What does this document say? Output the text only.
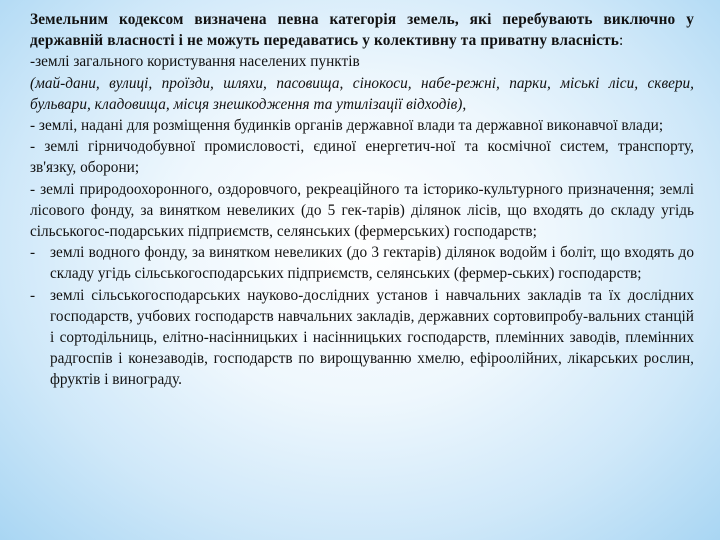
Земельним кодексом визначена певна категорія земель, які перебувають виключно у державній власності і не можуть передаватись у колективну та приватну власність:

-землі загального користування населених пунктів

(май-дани, вулиці, проїзди, шляхи, пасовища, сінокоси, набе-режні, парки, міські ліси, сквери, бульвари, кладовища, місця знешкодження та утилізації відходів),

- землі, надані для розміщення будинків органів державної влади та державної виконавчої влади;

- землі гірничодобувної промисловості, єдиної енергетич-ної та космічної систем, транспорту, зв'язку, оборони;

- землі природоохоронного, оздоровчого, рекреаційного та історико-культурного призначення; землі лісового фонду, за винятком невеликих (до 5 гек-тарів) ділянок лісів, що входять до складу угідь сільськогос-подарських підприємств, селянських (фермерських) господарств;

- землі водного фонду, за винятком невеликих (до 3 гектарів) ділянок водойм і боліт, що входять до складу угідь сільськогосподарських підприємств, селянських (фермер-ських) господарств;
- землі сільськогосподарських науково-дослідних установ і навчальних закладів та їх дослідних господарств, учбових господарств навчальних закладів, державних сортовипробу-вальних станцій і сортодільниць, елітно-насінницьких і насінницьких господарств, племінних заводів, племінних радгоспів і конезаводів, господарств по вирощуванню хмелю, ефіроолійних, лікарських рослин, фруктів і винограду.
